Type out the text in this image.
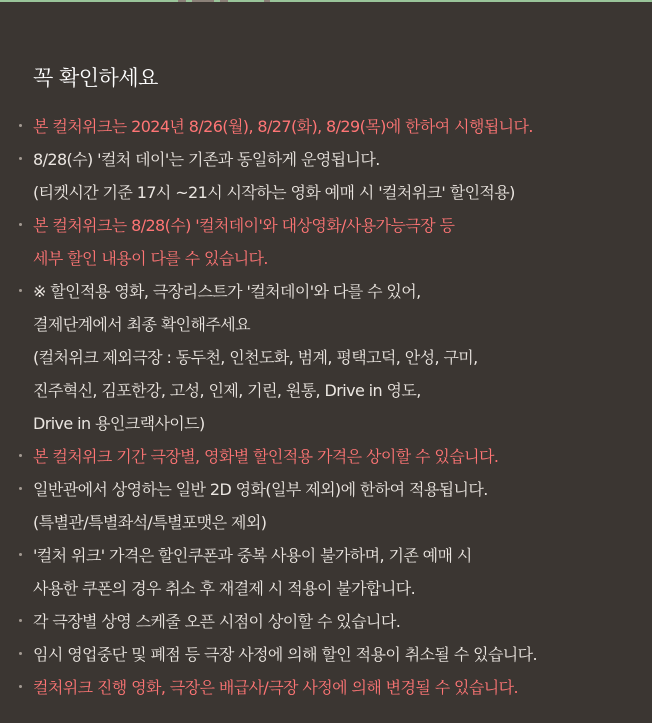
꼭 확인하세요
본 컬처위크는 2024년 8/26(월), 8/27(화), 8/29(목)에 한하여 시행됩니다.
8/28(수) '컬처 데이'는 기존과 동일하게 운영됩니다.
(티켓시간 기준 17시 ~21시 시작하는 영화 예매 시 '컬처위크' 할인적용)
본 컬처위크는 8/28(수) '컬처데이'와 대상영화/사용가능극장 등
세부 할인 내용이 다를 수 있습니다.
※ 할인적용 영화, 극장리스트가 '컬처데이'와 다를 수 있어,
결제단계에서 최종 확인해주세요
(컬처위크 제외극장 : 동두천, 인천도화, 범계, 평택고덕, 안성, 구미,
진주혁신, 김포한강, 고성, 인제, 기린, 원통, Drive in 영도,
Drive in 용인크랙사이드)
본 컬처위크 기간 극장별, 영화별 할인적용 가격은 상이할 수 있습니다.
일반관에서 상영하는 일반 2D 영화(일부 제외)에 한하여 적용됩니다.
(특별관/특별좌석/특별포맷은 제외)
'컬처 위크' 가격은 할인쿠폰과 중복 사용이 불가하며, 기존 예매 시
사용한 쿠폰의 경우 취소 후 재결제 시 적용이 불가합니다.
각 극장별 상영 스케줄 오픈 시점이 상이할 수 있습니다.
임시 영업중단 및 폐점 등 극장 사정에 의해 할인 적용이 취소될 수 있습니다.
컬처위크 진행 영화, 극장은 배급사/극장 사정에 의해 변경될 수 있습니다.
